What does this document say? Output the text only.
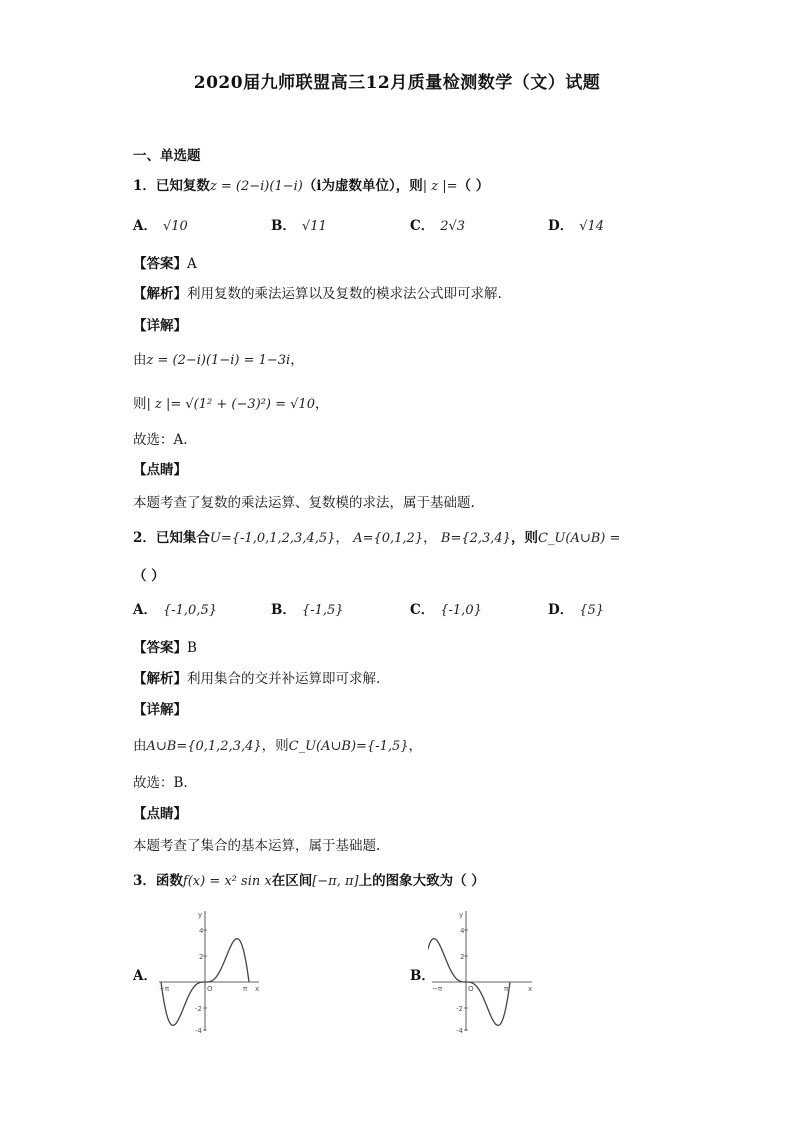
2020届九师联盟高三12月质量检测数学（文）试题
一、单选题
1．已知复数z = (2−i)(1−i)（i为虚数单位），则| z |=（ ）
A． √10	B． √11	C． 2√3	D． √14
【答案】A
【解析】利用复数的乘法运算以及复数的模求法公式即可求解.
【详解】
由z = (2−i)(1−i) = 1−3i，
则| z |= √(1² + (−3)²) = √10，
故选：A.
【点睛】
本题考查了复数的乘法运算、复数模的求法，属于基础题.
2．已知集合U={-1,0,1,2,3,4,5}， A={0,1,2}， B={2,3,4}，则C_U(A∪B) =
（ ）
A． {-1,0,5}	B． {-1,5}	C． {-1,0}	D． {5}
【答案】B
【解析】利用集合的交并补运算即可求解.
【详解】
由A∪B={0,1,2,3,4}，则C_U(A∪B)={-1,5}，
故选：B.
【点睛】
本题考查了集合的基本运算，属于基础题.
3．函数f(x) = x² sin x在区间[−π, π]上的图象大致为（ ）
A．
y
4
2
-2
-4
O	x
−π	π
B．
y
4
2
-2
-4
O	x
−π	π
